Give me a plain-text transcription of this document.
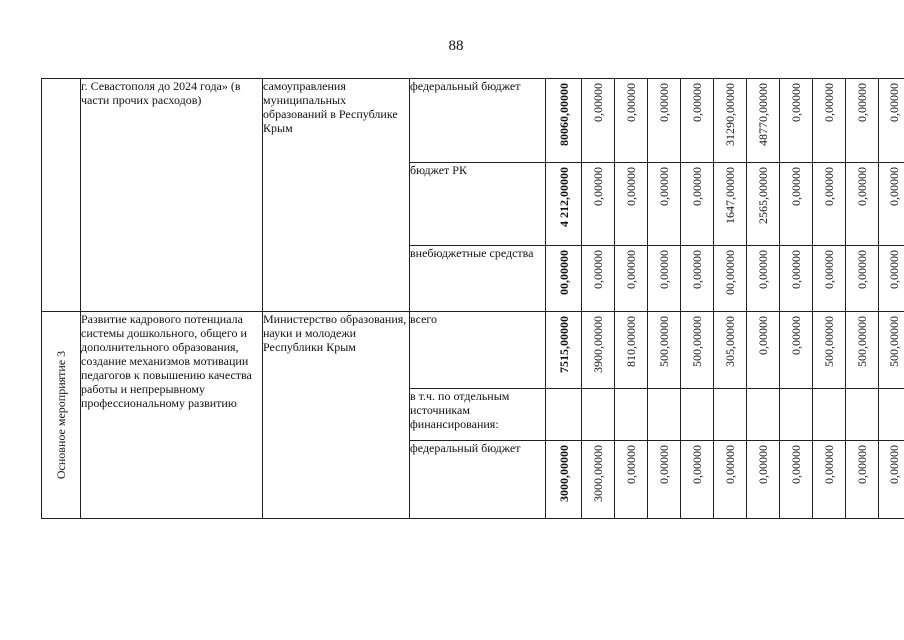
88
	г. Севастополя до 2024 года» (в части прочих расходов)	самоуправления муниципальных образований в Республике Крым	федеральный бюджет	80060,00000	0,00000	0,00000	0,00000	0,00000	31290,00000	48770,00000	0,00000	0,00000	0,00000	0,00000

			бюджет РК	4 212,00000	0,00000	0,00000	0,00000	0,00000	1647,00000	2565,00000	0,00000	0,00000	0,00000	0,00000

			внебюджетные средства	00,00000	0,00000	0,00000	0,00000	0,00000	00,00000	0,00000	0,00000	0,00000	0,00000	0,00000

Основное мероприятие 3	Развитие кадрового потенциала системы дошкольного, общего и дополнительного образования, создание механизмов мотивации педагогов к повышению качества работы и непрерывному профессиональному развитию	Министерство образования, науки и молодежи Республики Крым	всего	7515,00000	3900,00000	810,00000	500,00000	500,00000	305,00000	0,00000	0,00000	500,00000	500,00000	500,00000

			в т.ч. по отдельным источникам финансирования:	

			федеральный бюджет	3000,00000	3000,00000	0,00000	0,00000	0,00000	0,00000	0,00000	0,00000	0,00000	0,00000	0,00000
